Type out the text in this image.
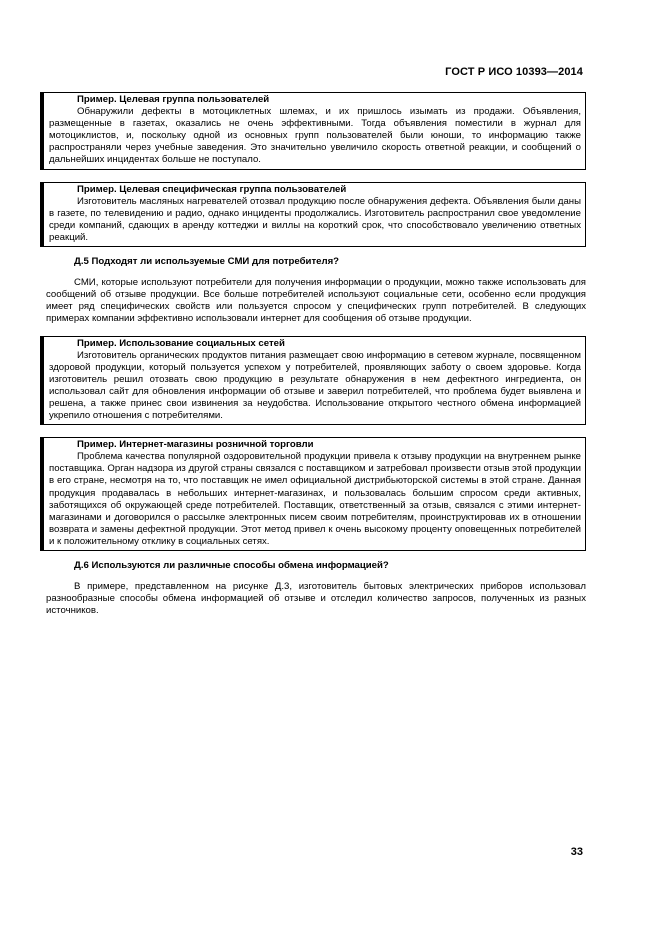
ГОСТ Р ИСО 10393—2014
Пример. Целевая группа пользователей

Обнаружили дефекты в мотоциклетных шлемах, и их пришлось изымать из продажи. Объявления, размещенные в газетах, оказались не очень эффективными. Тогда объявления поместили в журнал для мотоциклистов, и, поскольку одной из основных групп пользователей были юноши, то информацию также распространяли через учебные заведения. Это значительно увеличило скорость ответной реакции, и сообщений о дальнейших инцидентах больше не поступало.

Пример. Целевая специфическая группа пользователей

Изготовитель масляных нагревателей отозвал продукцию после обнаружения дефекта. Объявления были даны в газете, по телевидению и радио, однако инциденты продолжались. Изготовитель распространил свое уведомление среди компаний, сдающих в аренду коттеджи и виллы на короткий срок, что способствовало увеличению ответных реакций.

Д.5 Подходят ли используемые СМИ для потребителя?

СМИ, которые используют потребители для получения информации о продукции, можно также использовать для сообщений об отзыве продукции. Все больше потребителей используют социальные сети, особенно если продукция имеет ряд специфических свойств или пользуется спросом у специфических групп потребителей. В следующих примерах компании эффективно использовали интернет для сообщения об отзыве продукции.

Пример. Использование социальных сетей

Изготовитель органических продуктов питания размещает свою информацию в сетевом журнале, посвященном здоровой продукции, который пользуется успехом у потребителей, проявляющих заботу о своем здоровье. Когда изготовитель решил отозвать свою продукцию в результате обнаружения в нем дефектного ингредиента, он использовал сайт для обновления информации об отзыве и заверил потребителей, что проблема будет выявлена и решена, а также принес свои извинения за неудобства. Использование открытого честного обмена информацией укрепило отношения с потребителями.

Пример. Интернет-магазины розничной торговли

Проблема качества популярной оздоровительной продукции привела к отзыву продукции на внутреннем рынке поставщика. Орган надзора из другой страны связался с поставщиком и затребовал произвести отзыв этой продукции в его стране, несмотря на то, что поставщик не имел официальной дистрибьюторской системы в этой стране. Данная продукция продавалась в небольших интернет-магазинах, и пользовалась большим спросом среди активных, заботящихся об окружающей среде потребителей. Поставщик, ответственный за отзыв, связался с этими интернет-магазинами и договорился о рассылке электронных писем своим потребителям, проинструктировав их в отношении возврата и замены дефектной продукции. Этот метод привел к очень высокому проценту оповещенных потребителей и к положительному отклику в социальных сетях.

Д.6 Используются ли различные способы обмена информацией?

В примере, представленном на рисунке Д.3, изготовитель бытовых электрических приборов использовал разнообразные способы обмена информацией об отзыве и отследил количество запросов, полученных из разных источников.

33
